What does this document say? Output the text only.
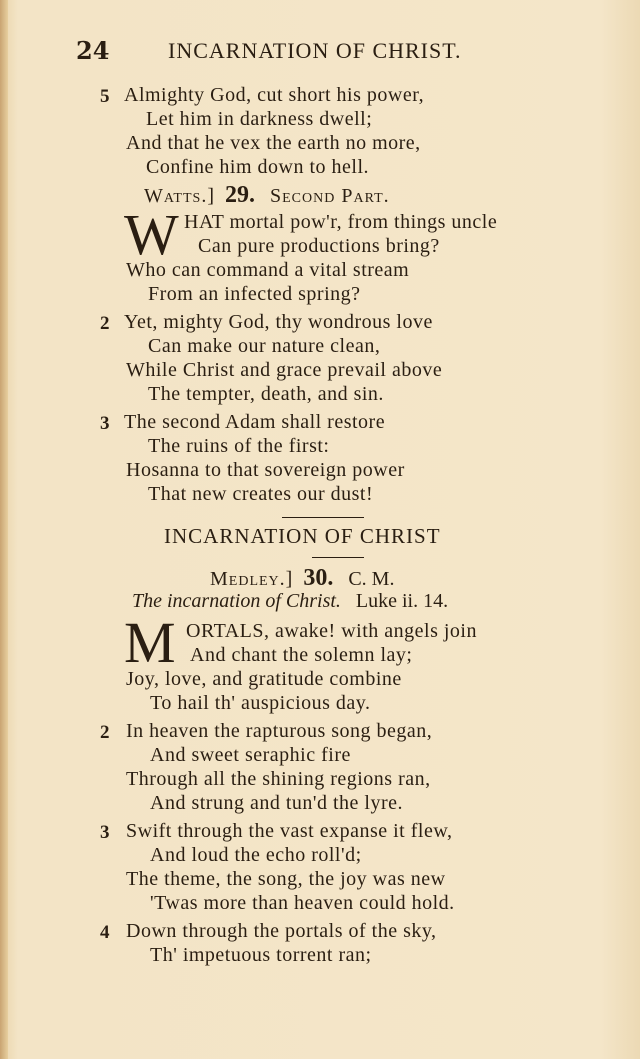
24	INCARNATION OF CHRIST.
5 Almighty God, cut short his power,
Let him in darkness dwell;
And that he vex the earth no more,
Confine him down to hell.
Watts.] 29. Second Part.
W HAT mortal pow'r, from things uncle
Can pure productions bring?
Who can command a vital stream
From an infected spring?
2 Yet, mighty God, thy wondrous love
Can make our nature clean,
While Christ and grace prevail above
The tempter, death, and sin.
3 The second Adam shall restore
The ruins of the first:
Hosanna to that sovereign power
That new creates our dust!
INCARNATION OF CHRIST
Medley.] 30. C. M.
The incarnation of Christ. Luke ii. 14.
M ORTALS, awake! with angels join
And chant the solemn lay;
Joy, love, and gratitude combine
To hail th' auspicious day.
2 In heaven the rapturous song began,
And sweet seraphic fire
Through all the shining regions ran,
And strung and tun'd the lyre.
3 Swift through the vast expanse it flew,
And loud the echo roll'd;
The theme, the song, the joy was new
'Twas more than heaven could hold.
4 Down through the portals of the sky,
Th' impetuous torrent ran;
